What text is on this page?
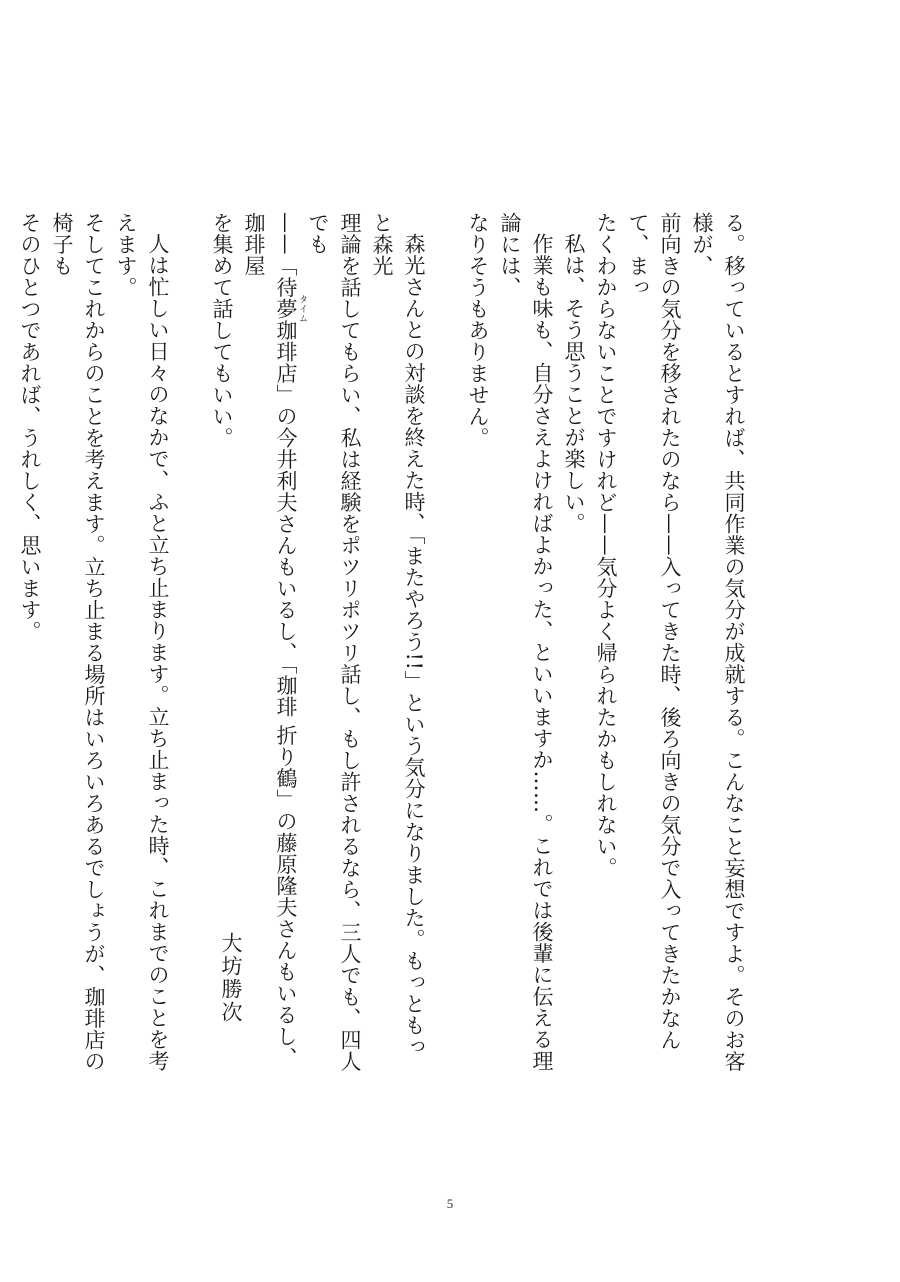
る。移っているとすれば、共同作業の気分が成就する。こんなこと妄想ですよ。そのお客様が、
前向きの気分を移されたのなら——入ってきた時、後ろ向きの気分で入ってきたかなんて、まっ
たくわからないことですけれど——気分よく帰られたかもしれない。

私は、そう思うことが楽しい。

作業も味も、自分さえよければよかった、といいますか……。これでは後輩に伝える理論には、
なりそうもありません。

森光さんとの対談を終えた時、「またやろう!!」という気分になりました。もっともっと森光
理論を話してもらい、私は経験をポツリポツリ話し、もし許されるなら、三人でも、四人でも
——「待夢 タイム珈琲店」の今井利夫さんもいるし、「珈琲 折り鶴」の藤原隆夫さんもいるし、珈琲屋
を集めて話してもいい。

人は忙しい日々のなかで、ふと立ち止まります。立ち止まった時、これまでのことを考えます。
そしてこれからのことを考えます。立ち止まる場所はいろいろあるでしょうが、珈琲店の椅子も
そのひとつであれば、うれしく、思います。

大坊勝次
5
